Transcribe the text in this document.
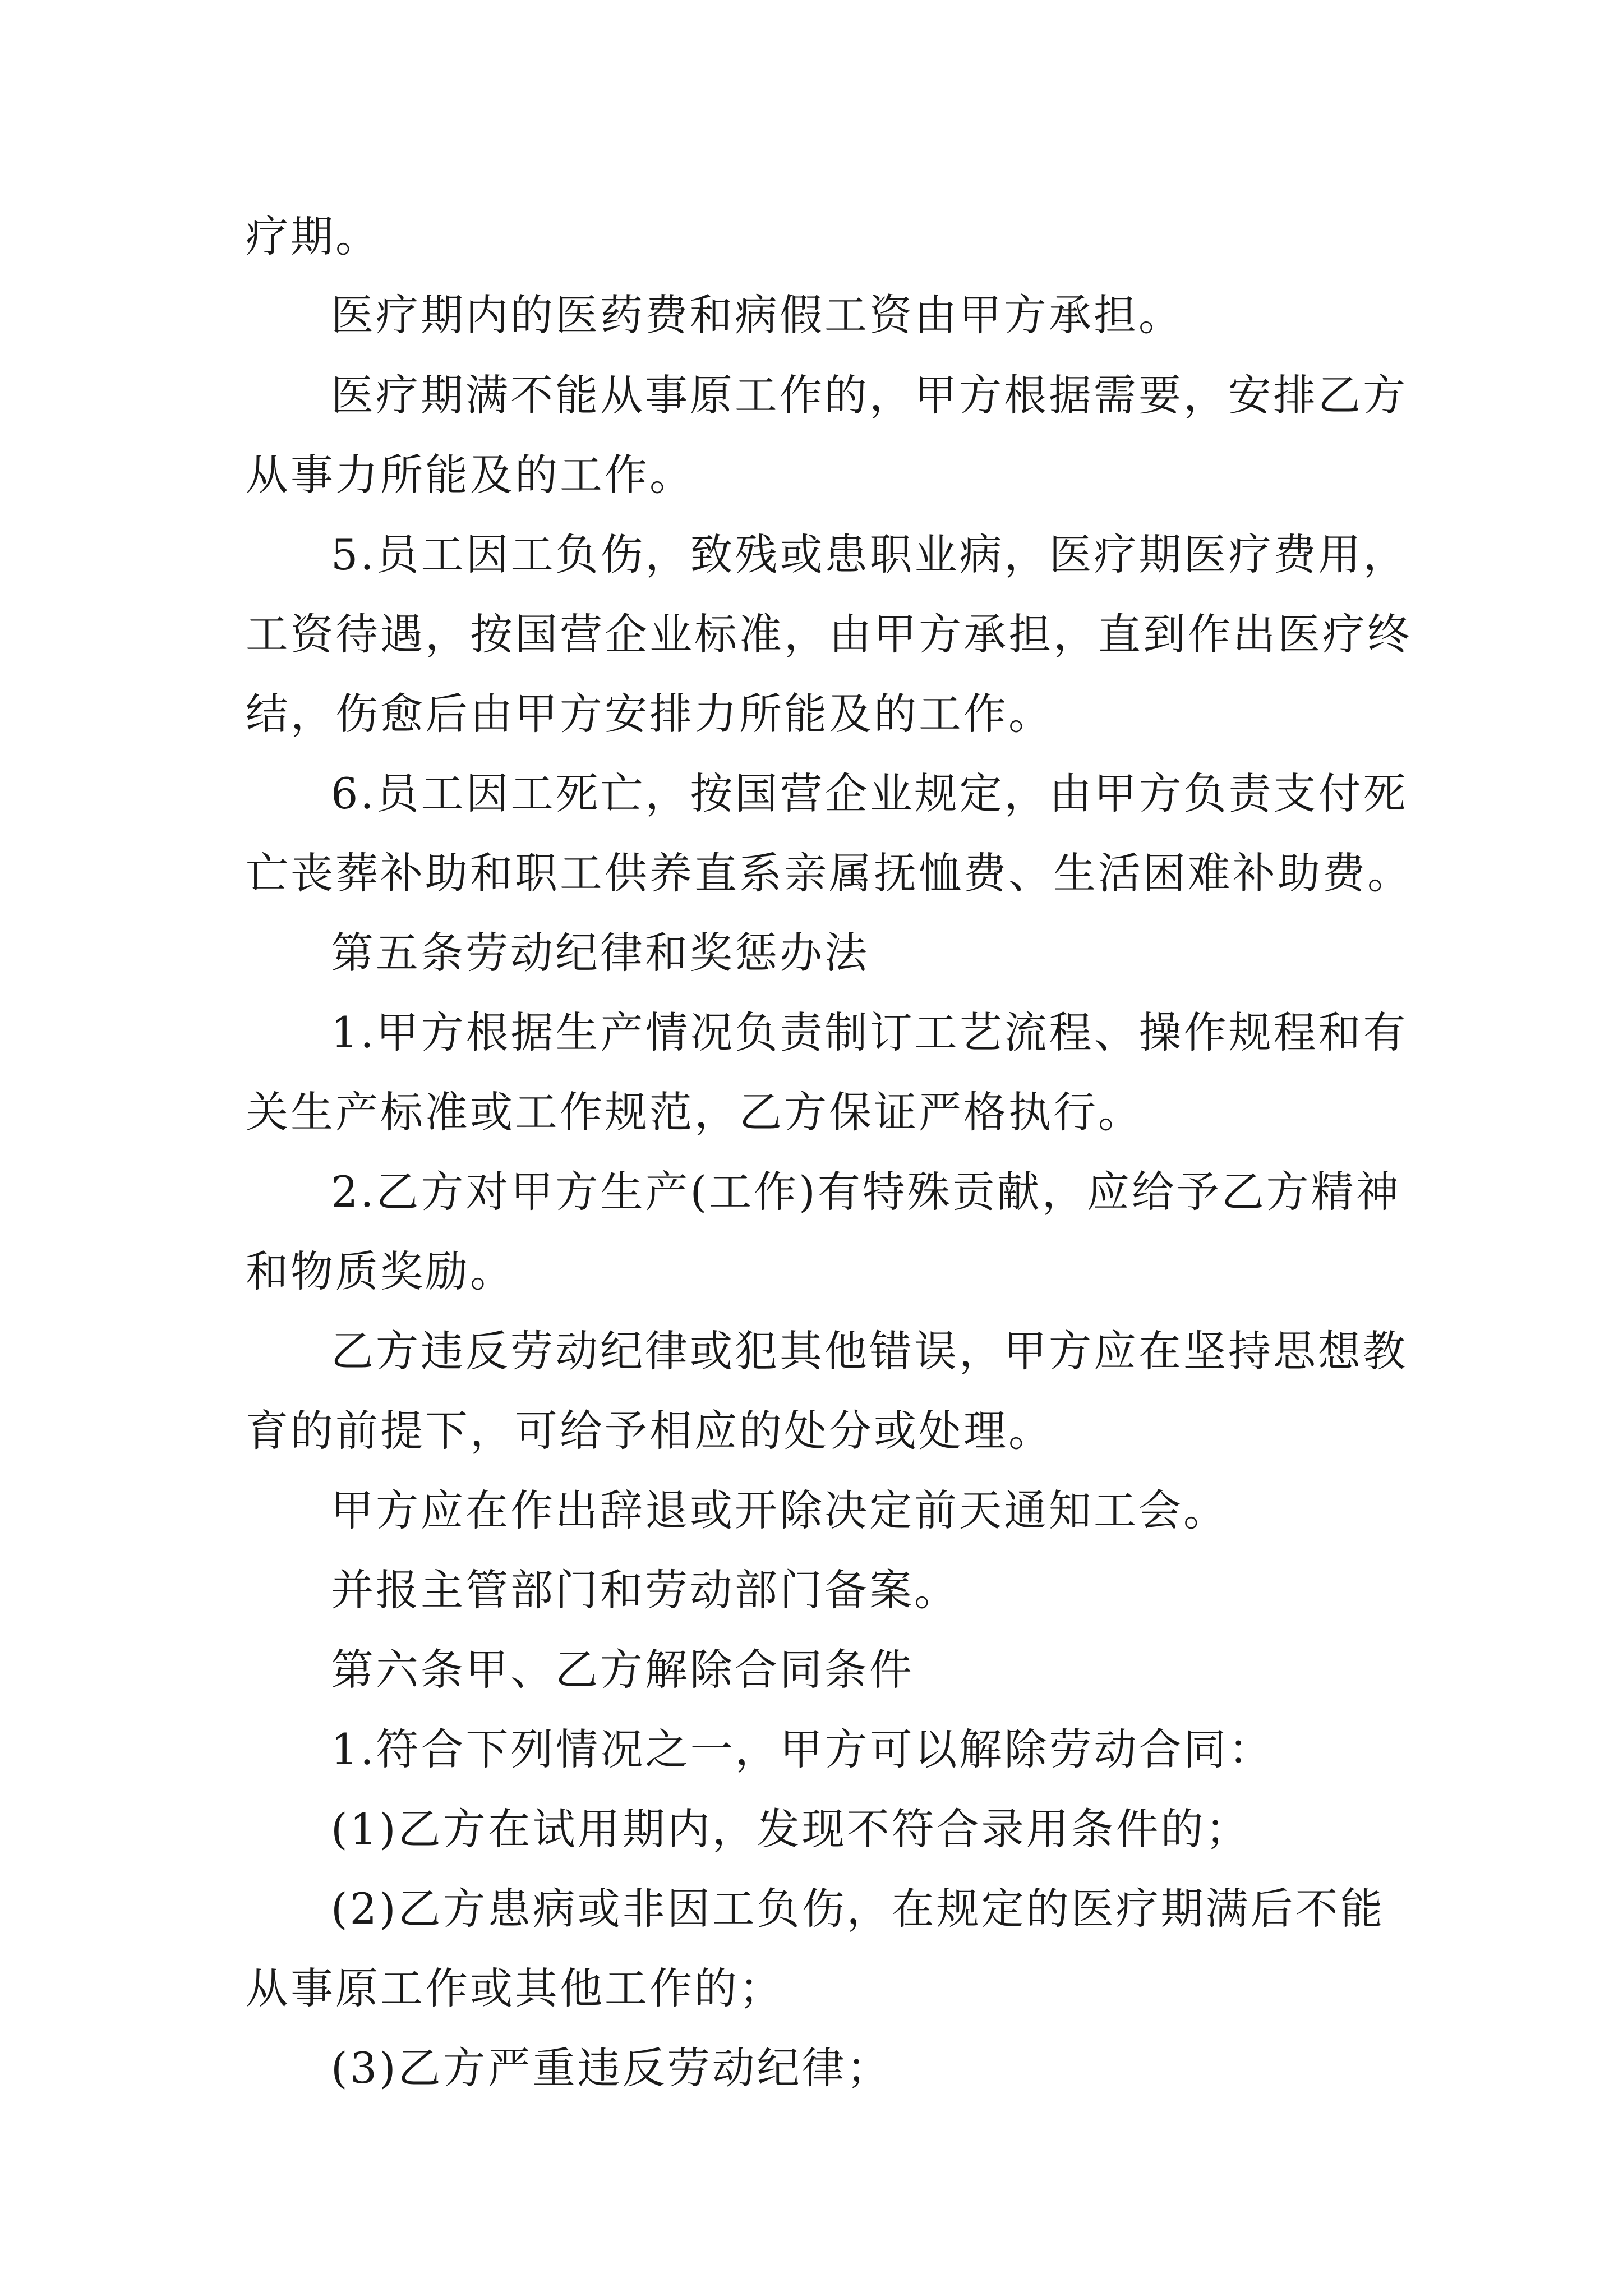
疗期。
医疗期内的医药费和病假工资由甲方承担。
医疗期满不能从事原工作的，甲方根据需要，安排乙方
从事力所能及的工作。
5.员工因工负伤，致残或患职业病，医疗期医疗费用，
工资待遇，按国营企业标准，由甲方承担，直到作出医疗终
结，伤愈后由甲方安排力所能及的工作。
6.员工因工死亡，按国营企业规定，由甲方负责支付死
亡丧葬补助和职工供养直系亲属抚恤费、生活困难补助费。
第五条劳动纪律和奖惩办法
1.甲方根据生产情况负责制订工艺流程、操作规程和有
关生产标准或工作规范，乙方保证严格执行。
2.乙方对甲方生产(工作)有特殊贡献，应给予乙方精神
和物质奖励。
乙方违反劳动纪律或犯其他错误，甲方应在坚持思想教
育的前提下，可给予相应的处分或处理。
甲方应在作出辞退或开除决定前天通知工会。
并报主管部门和劳动部门备案。
第六条甲、乙方解除合同条件
1.符合下列情况之一，甲方可以解除劳动合同：
(1)乙方在试用期内，发现不符合录用条件的；
(2)乙方患病或非因工负伤，在规定的医疗期满后不能
从事原工作或其他工作的；
(3)乙方严重违反劳动纪律；
